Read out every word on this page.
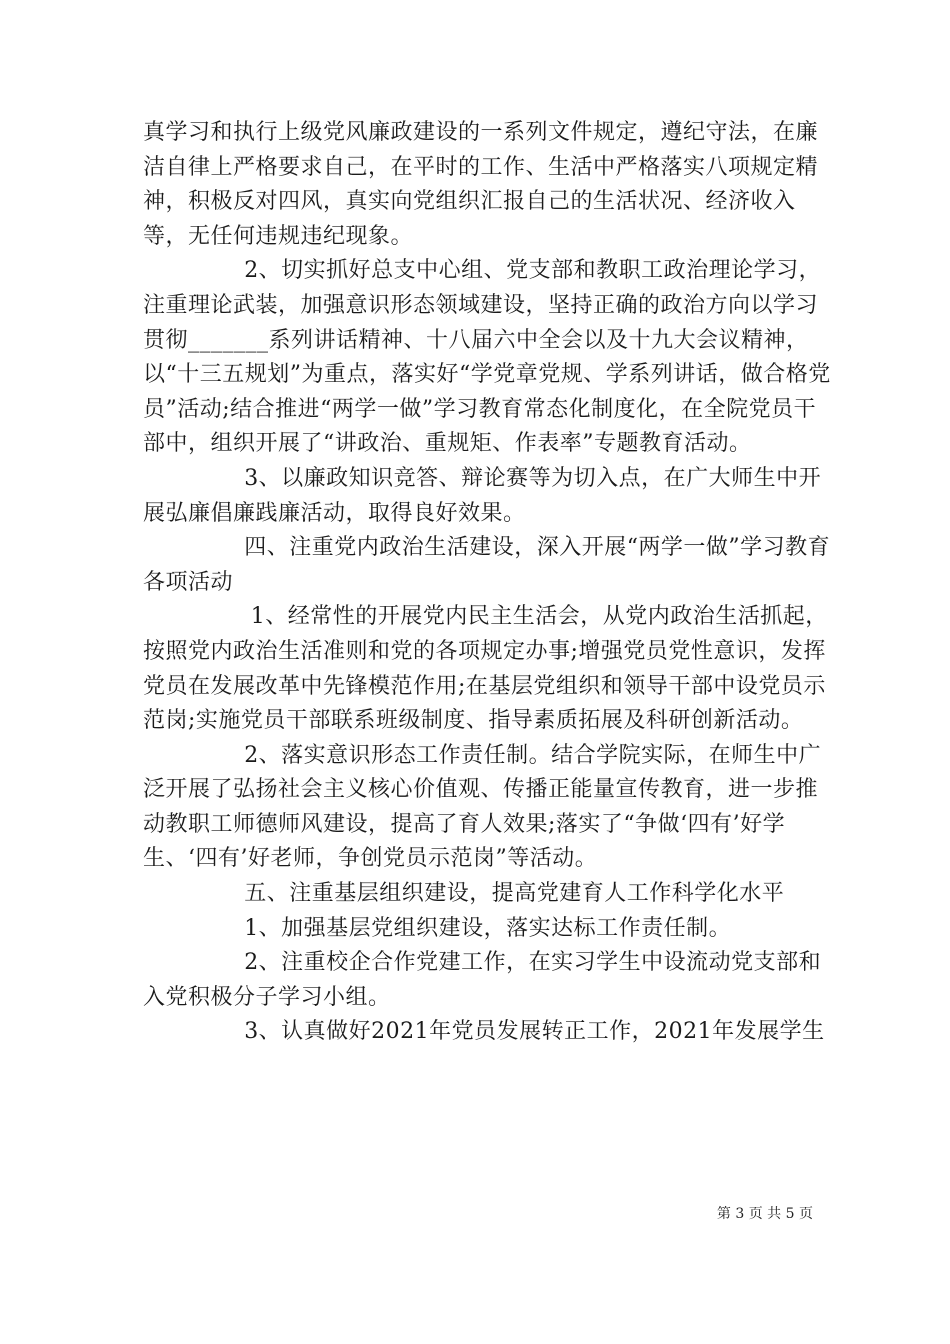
真学习和执行上级党风廉政建设的一系列文件规定，遵纪守法，在廉洁自律上严格要求自己，在平时的工作、生活中严格落实八项规定精神，积极反对四风，真实向党组织汇报自己的生活状况、经济收入等，无任何违规违纪现象。

2、切实抓好总支中心组、党支部和教职工政治理论学习，注重理论武装，加强意识形态领域建设，坚持正确的政治方向以学习贯彻_______系列讲话精神、十八届六中全会以及十九大会议精神，以“十三五规划”为重点，落实好“学党章党规、学系列讲话，做合格党员”活动;结合推进“两学一做”学习教育常态化制度化，在全院党员干部中，组织开展了“讲政治、重规矩、作表率”专题教育活动。

3、以廉政知识竞答、辩论赛等为切入点，在广大师生中开展弘廉倡廉践廉活动，取得良好效果。

四、注重党内政治生活建设，深入开展“两学一做”学习教育各项活动

1、经常性的开展党内民主生活会，从党内政治生活抓起，按照党内政治生活准则和党的各项规定办事;增强党员党性意识，发挥党员在发展改革中先锋模范作用;在基层党组织和领导干部中设党员示范岗;实施党员干部联系班级制度、指导素质拓展及科研创新活动。

2、落实意识形态工作责任制。结合学院实际，在师生中广泛开展了弘扬社会主义核心价值观、传播正能量宣传教育，进一步推动教职工师德师风建设，提高了育人效果;落实了“争做‘四有’好学生、‘四有’好老师，争创党员示范岗”等活动。

五、注重基层组织建设，提高党建育人工作科学化水平

1、加强基层党组织建设，落实达标工作责任制。

2、注重校企合作党建工作，在实习学生中设流动党支部和入党积极分子学习小组。

3、认真做好2021年党员发展转正工作，2021年发展学生

第 3 页 共 5 页
